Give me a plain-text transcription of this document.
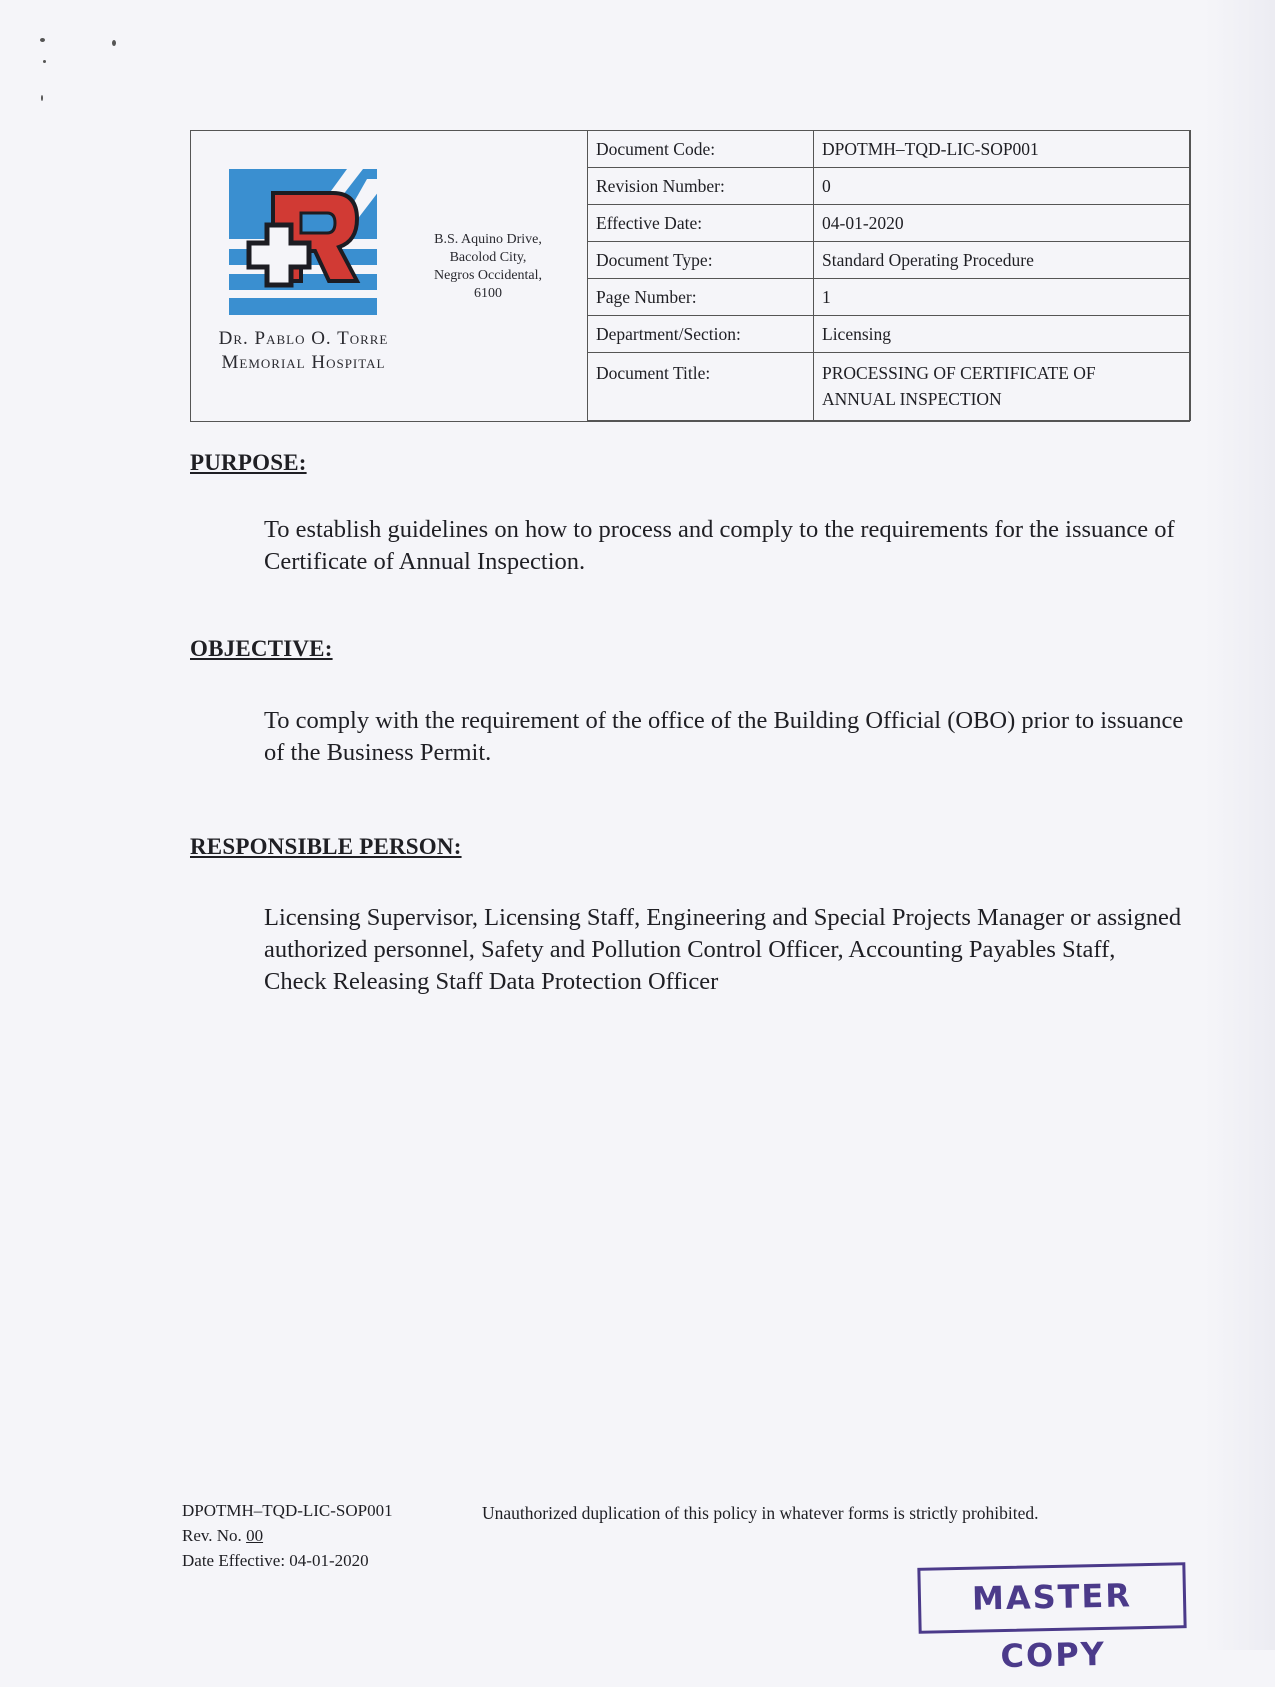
Dr. Pablo O. Torre
Memorial Hospital
B.S. Aquino Drive,
Bacolod City,
Negros Occidental,
6100
Document Code:	DPOTMH–TQD-LIC-SOP001
Revision Number:	0
Effective Date:	04-01-2020
Document Type:	Standard Operating Procedure
Page Number:	1
Department/Section:	Licensing
Document Title:	PROCESSING OF CERTIFICATE OF
ANNUAL INSPECTION
PURPOSE:
To establish guidelines on how to process and comply to the requirements for the issuance of Certificate of Annual Inspection.
OBJECTIVE:
To comply with the requirement of the office of the Building Official (OBO) prior to issuance of the Business Permit.
RESPONSIBLE PERSON:
Licensing Supervisor, Licensing Staff, Engineering and Special Projects Manager or assigned authorized personnel, Safety and Pollution Control Officer, Accounting Payables Staff, Check Releasing Staff Data Protection Officer
DPOTMH–TQD-LIC-SOP001
Rev. No. 00
Date Effective: 04-01-2020
Unauthorized duplication of this policy in whatever forms is strictly prohibited.
MASTER COPY
